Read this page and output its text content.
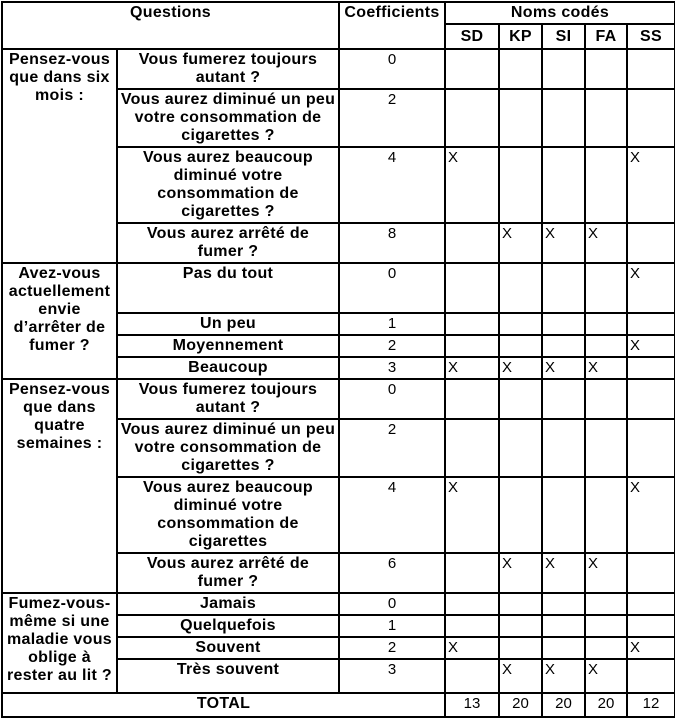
Questions		Coefficients	Noms codés				
			SD	KP	SI	FA	SS
Pensez-vous que dans six mois :	Vous fumerez toujours autant ?	0					
	Vous aurez diminué un peu votre consommation de cigarettes ?	2					
	Vous aurez beaucoup diminué votre consommation de cigarettes ?	4	X				X
	Vous aurez arrêté de fumer ?	8		X	X	X	
Avez-vous actuellement envie d’arrêter de fumer ?	Pas du tout	0					X
	Un peu	1					
	Moyennement	2					X
	Beaucoup	3	X	X	X	X	
Pensez-vous que dans quatre semaines :	Vous fumerez toujours autant ?	0					
	Vous aurez diminué un peu votre consommation de cigarettes ?	2					
	Vous aurez beaucoup diminué votre consommation de cigarettes	4	X				X
	Vous aurez arrêté de fumer ?	6		X	X	X	
Fumez-vous-même si une maladie vous oblige à rester au lit ?	Jamais	0					
	Quelquefois	1					
	Souvent	2	X				X
	Très souvent	3		X	X	X	
TOTAL			13	20	20	20	12
